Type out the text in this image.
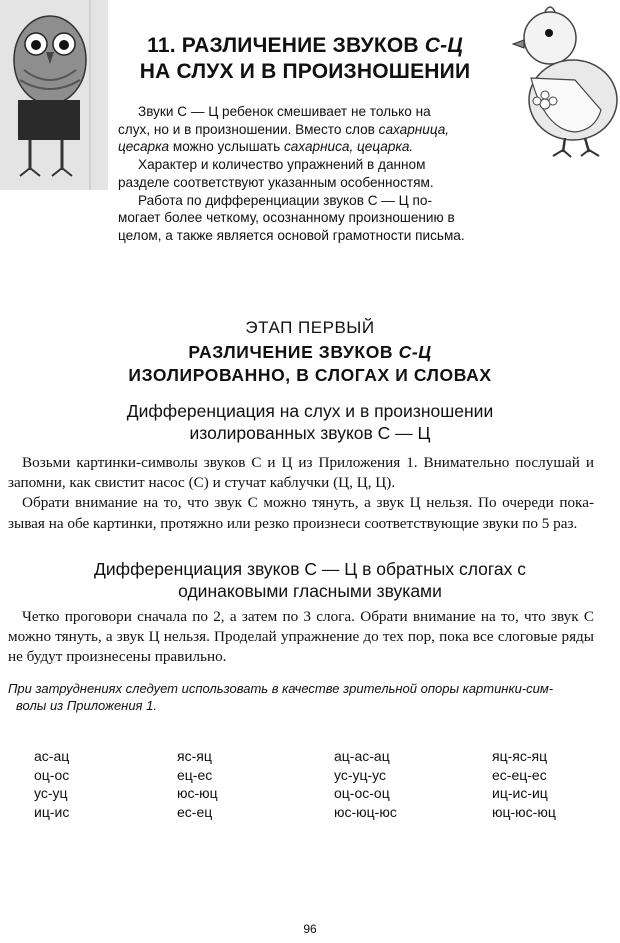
11. РАЗЛИЧЕНИЕ ЗВУКОВ С-Ц
НА СЛУХ И В ПРОИЗНОШЕНИИ

Звуки С — Ц ребенок смешивает не только на слух, но и в произношении. Вместо слов сахарница, цесарка можно услышать сахарниса, цецарка.

Характер и количество упражнений в данном разделе соответствуют указанным особенностям.

Работа по дифференциации звуков С — Ц помогает более четкому, осознанному произношению в целом, а также является основой грамотности письма.

ЭТАП ПЕРВЫЙ
РАЗЛИЧЕНИЕ ЗВУКОВ С-Ц
ИЗОЛИРОВАННО, В СЛОГАХ И СЛОВАХ
Дифференциация на слух и в произношении
изолированных звуков С — Ц

Возьми картинки-символы звуков С и Ц из Приложения 1. Внимательно послушай и запомни, как свистит насос (С) и стучат каблучки (Ц, Ц, Ц).

Обрати внимание на то, что звук С можно тянуть, а звук Ц нельзя. По очереди показывая на обе картинки, протяжно или резко произнеси соответствующие звуки по 5 раз.

Дифференциация звуков С — Ц в обратных слогах с
одинаковыми гласными звуками

Четко проговори сначала по 2, а затем по 3 слога. Обрати внимание на то, что звук С можно тянуть, а звук Ц нельзя. Проделай упражнение до тех пор, пока все слоговые ряды не будут произнесены правильно.

При затруднениях следует использовать в качестве зрительной опоры картинки-сим-
волы из Приложения 1.
ас-ац
оц-ос
ус-уц
иц-ис
яс-яц
ец-ес
юс-юц
ес-ец
ац-ас-ац
ус-уц-ус
оц-ос-оц
юс-юц-юс
яц-яс-яц
ес-ец-ес
иц-ис-иц
юц-юс-юц
96
